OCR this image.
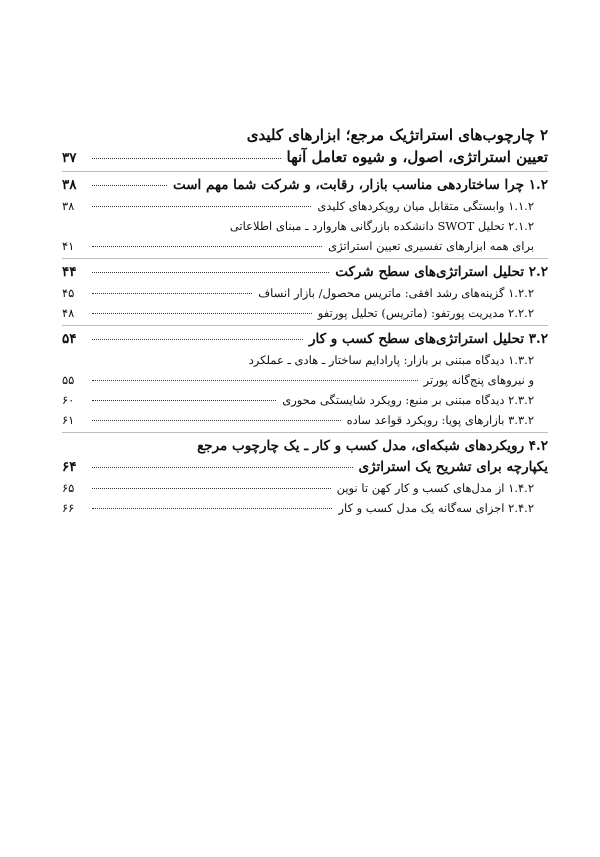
۲ چارچوب‌های استراتژیک مرجع؛ ابزارهای کلیدی
تعیین استراتژی، اصول، و شیوه تعامل آنها
۳۷
۱.۲ چرا ساختاردهی مناسب بازار، رقابت، و شرکت شما مهم است
۳۸
۱.۱.۲ وابستگی متقابل میان رویکردهای کلیدی
۳۸
۲.۱.۲ تحلیل SWOT دانشکده بازرگانی هاروارد ـ مبنای اطلاعاتی
برای همه ابزارهای تفسیری تعیین استراتژی
۴۱
۲.۲ تحلیل استراتژی‌های سطح شرکت
۴۴
۱.۲.۲ گزینه‌های رشد افقی: ماتریس محصول/ بازار انساف
۴۵
۲.۲.۲ مدیریت پورتفو: (ماتریس) تحلیل پورتفو
۴۸
۳.۲ تحلیل استراتژی‌های سطح کسب و کار
۵۴
۱.۳.۲ دیدگاه مبتنی بر بازار: پارادایم ساختار ـ هادی ـ عملکرد
و نیروهای پنج‌گانه پورتر
۵۵
۲.۳.۲ دیدگاه مبتنی بر منبع: رویکرد شایستگی محوری
۶۰
۳.۳.۲ بازارهای پویا: رویکرد قواعد ساده
۶۱
۴.۲ رویکردهای شبکه‌ای، مدل کسب و کار ـ یک چارچوب مرجع
یکپارچه برای تشریح یک استراتژی
۶۴
۱.۴.۲ از مدل‌های کسب و کار کهن تا نوین
۶۵
۲.۴.۲ اجزای سه‌گانه یک مدل کسب و کار
۶۶
